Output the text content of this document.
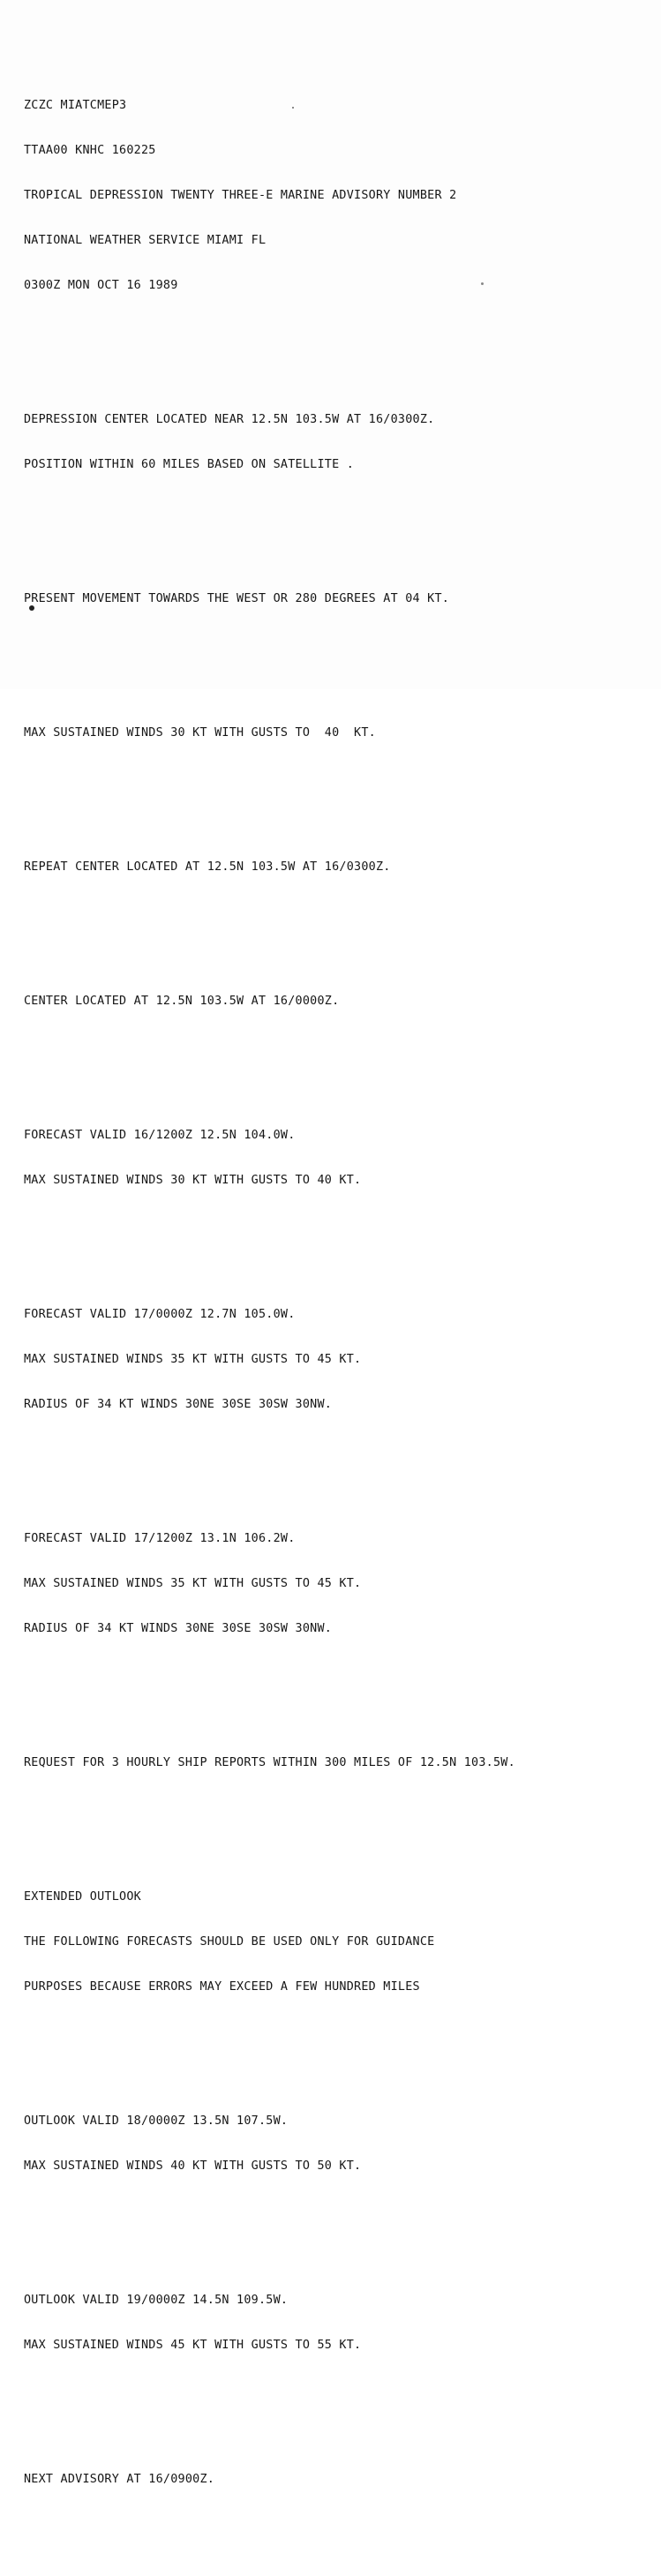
ZCZC MIATCMEP3

TTAA00 KNHC 160225

TROPICAL DEPRESSION TWENTY THREE-E MARINE ADVISORY NUMBER 2

NATIONAL WEATHER SERVICE MIAMI FL

0300Z MON OCT 16 1989

DEPRESSION CENTER LOCATED NEAR 12.5N 103.5W AT 16/0300Z.

POSITION WITHIN 60 MILES BASED ON SATELLITE .

PRESENT MOVEMENT TOWARDS THE WEST OR 280 DEGREES AT 04 KT.

MAX SUSTAINED WINDS 30 KT WITH GUSTS TO  40  KT.

REPEAT CENTER LOCATED AT 12.5N 103.5W AT 16/0300Z.

CENTER LOCATED AT 12.5N 103.5W AT 16/0000Z.

FORECAST VALID 16/1200Z 12.5N 104.0W.

MAX SUSTAINED WINDS 30 KT WITH GUSTS TO 40 KT.

FORECAST VALID 17/0000Z 12.7N 105.0W.

MAX SUSTAINED WINDS 35 KT WITH GUSTS TO 45 KT.

RADIUS OF 34 KT WINDS 30NE 30SE 30SW 30NW.

FORECAST VALID 17/1200Z 13.1N 106.2W.

MAX SUSTAINED WINDS 35 KT WITH GUSTS TO 45 KT.

RADIUS OF 34 KT WINDS 30NE 30SE 30SW 30NW.

REQUEST FOR 3 HOURLY SHIP REPORTS WITHIN 300 MILES OF 12.5N 103.5W.

EXTENDED OUTLOOK

THE FOLLOWING FORECASTS SHOULD BE USED ONLY FOR GUIDANCE

PURPOSES BECAUSE ERRORS MAY EXCEED A FEW HUNDRED MILES

OUTLOOK VALID 18/0000Z 13.5N 107.5W.

MAX SUSTAINED WINDS 40 KT WITH GUSTS TO 50 KT.

OUTLOOK VALID 19/0000Z 14.5N 109.5W.

MAX SUSTAINED WINDS 45 KT WITH GUSTS TO 55 KT.

NEXT ADVISORY AT 16/0900Z.
